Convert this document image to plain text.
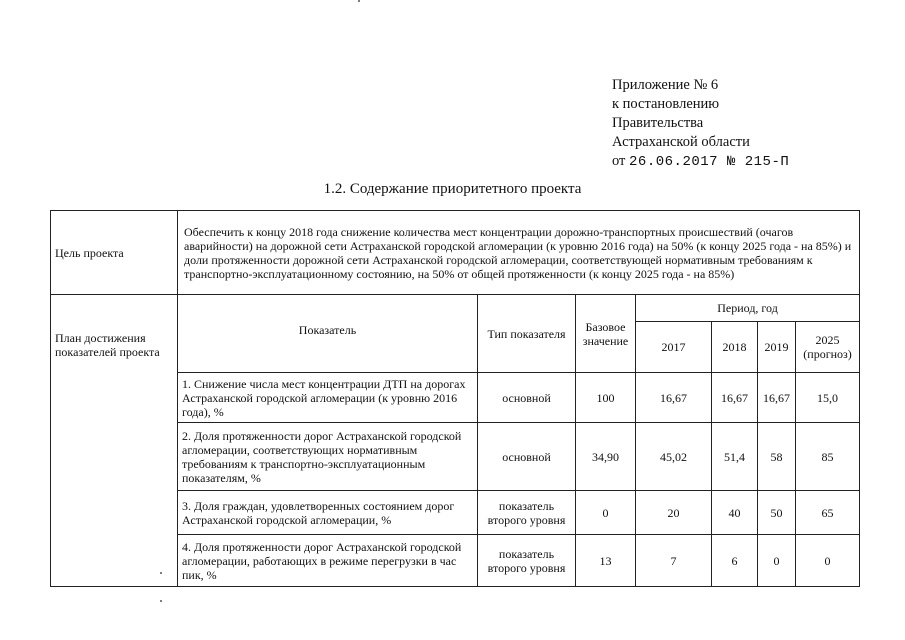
Приложение № 6
к постановлению
Правительства
Астраханской области
от 26.06.2017 № 215-П
1.2. Содержание приоритетного проекта
Цель проекта	Обеспечить к концу 2018 года снижение количества мест концентрации дорожно-транспортных происшествий (очагов аварийности) на дорожной сети Астраханской городской агломерации (к уровню 2016 года) на 50% (к концу 2025 года - на 85%) и доли протяженности дорожной сети Астраханской городской агломерации, соответствующей нормативным требованиям к транспортно-эксплуатационному состоянию, на 50% от общей протяженности (к концу 2025 года - на 85%)						
План достижения показателей проекта	Показатель	Тип показателя	Базовое значение	Период, год			
				2017	2018	2019	2025 (прогноз)
	1. Снижение числа мест концентрации ДТП на дорогах Астраханской городской агломерации (к уровню 2016 года), %	основной	100	16,67	16,67	16,67	15,0
	2. Доля протяженности дорог Астраханской городской агломерации, соответствующих нормативным требованиям к транспортно-эксплуатационным показателям, %	основной	34,90	45,02	51,4	58	85
	3. Доля граждан, удовлетворенных состоянием дорог Астраханской городской агломерации, %	показатель второго уровня	0	20	40	50	65
	4. Доля протяженности дорог Астраханской городской агломерации, работающих в режиме перегрузки в час пик, %	показатель второго уровня	13	7	6	0	0
